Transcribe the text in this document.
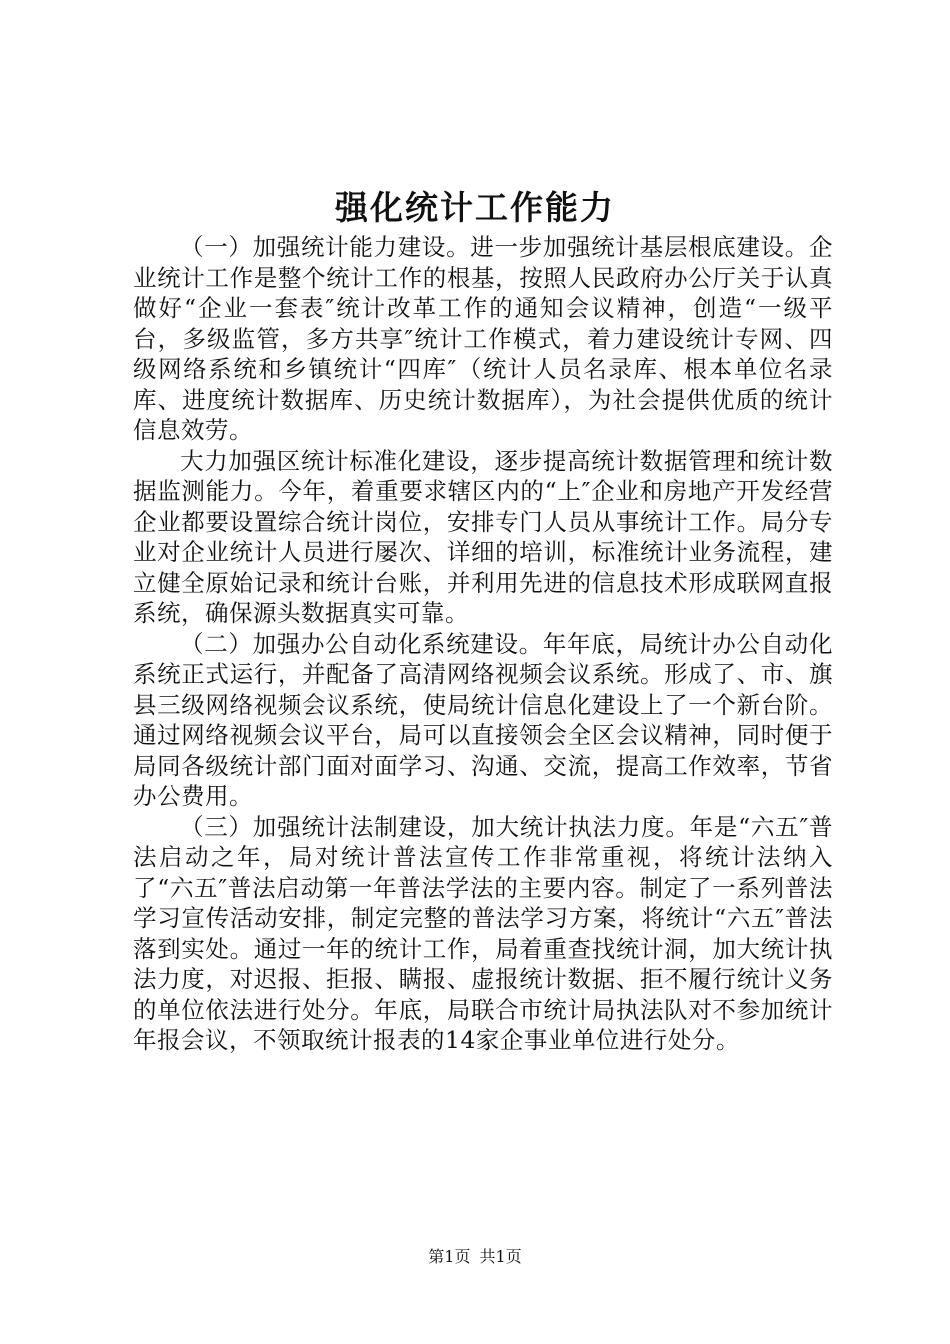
强化统计工作能力

（一）加强统计能力建设。进一步加强统计基层根底建设。企业统计工作是整个统计工作的根基，按照人民政府办公厅关于认真做好“企业一套表″统计改革工作的通知会议精神，创造“一级平台，多级监管，多方共享″统计工作模式，着力建设统计专网、四级网络系统和乡镇统计“四库″（统计人员名录库、根本单位名录库、进度统计数据库、历史统计数据库），为社会提供优质的统计信息效劳。

大力加强区统计标准化建设，逐步提高统计数据管理和统计数据监测能力。今年，着重要求辖区内的“上″企业和房地产开发经营企业都要设置综合统计岗位，安排专门人员从事统计工作。局分专业对企业统计人员进行屡次、详细的培训，标准统计业务流程，建立健全原始记录和统计台账，并利用先进的信息技术形成联网直报系统，确保源头数据真实可靠。

（二）加强办公自动化系统建设。年年底，局统计办公自动化系统正式运行，并配备了高清网络视频会议系统。形成了、市、旗县三级网络视频会议系统，使局统计信息化建设上了一个新台阶。通过网络视频会议平台，局可以直接领会全区会议精神，同时便于局同各级统计部门面对面学习、沟通、交流，提高工作效率，节省办公费用。

（三）加强统计法制建设，加大统计执法力度。年是“六五″普法启动之年，局对统计普法宣传工作非常重视，将统计法纳入了“六五″普法启动第一年普法学法的主要内容。制定了一系列普法学习宣传活动安排，制定完整的普法学习方案，将统计“六五″普法落到实处。通过一年的统计工作，局着重查找统计洞，加大统计执法力度，对迟报、拒报、瞒报、虚报统计数据、拒不履行统计义务的单位依法进行处分。年底，局联合市统计局执法队对不参加统计年报会议，不领取统计报表的14家企事业单位进行处分。

第1页 共1页
